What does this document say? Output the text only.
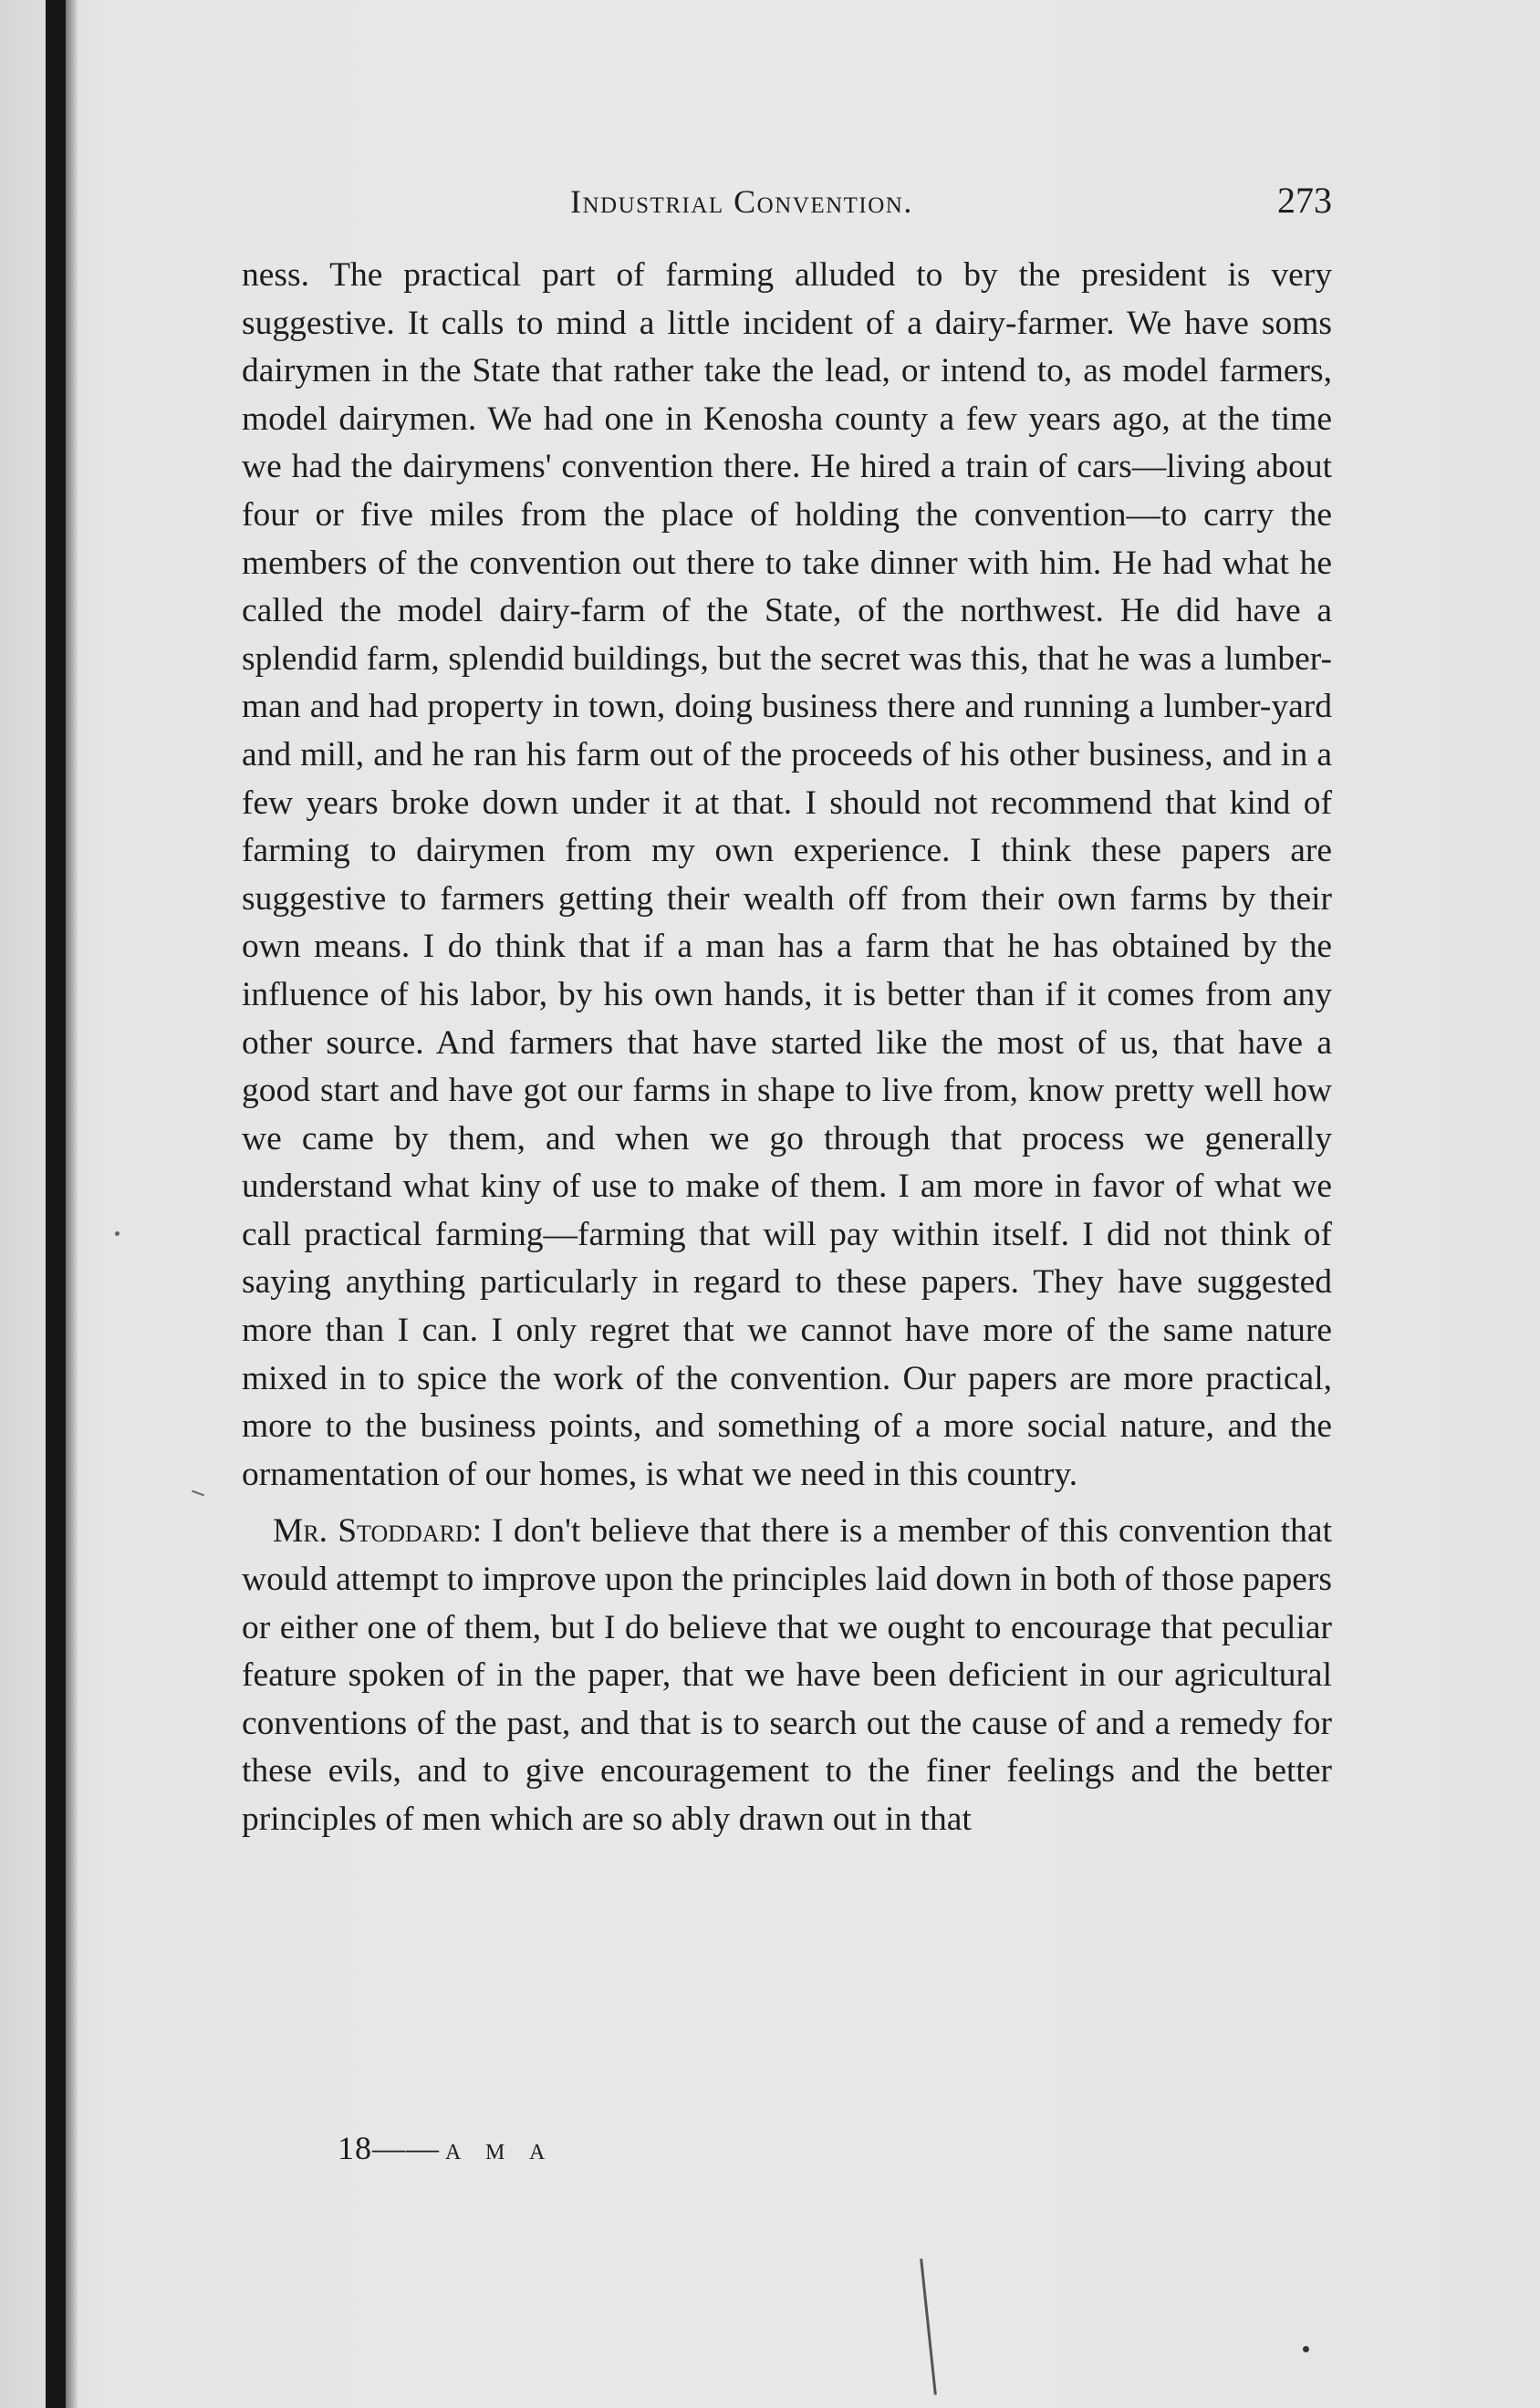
Industrial Convention.	273

ness. The practical part of farming alluded to by the president is very suggestive. It calls to mind a little incident of a dairy-farmer. We have soms dairymen in the State that rather take the lead, or intend to, as model farmers, model dairymen. We had one in Kenosha county a few years ago, at the time we had the dairymens' convention there. He hired a train of cars—living about four or five miles from the place of holding the convention—to carry the members of the convention out there to take dinner with him. He had what he called the model dairy-farm of the State, of the northwest. He did have a splendid farm, splendid buildings, but the secret was this, that he was a lumber-man and had property in town, doing business there and running a lumber-yard and mill, and he ran his farm out of the proceeds of his other business, and in a few years broke down under it at that. I should not recommend that kind of farming to dairymen from my own experience. I think these papers are suggestive to farmers getting their wealth off from their own farms by their own means. I do think that if a man has a farm that he has obtained by the influence of his labor, by his own hands, it is better than if it comes from any other source. And farmers that have started like the most of us, that have a good start and have got our farms in shape to live from, know pretty well how we came by them, and when we go through that process we generally understand what kiny of use to make of them. I am more in favor of what we call practical farming—farming that will pay within itself. I did not think of saying anything particularly in regard to these papers. They have suggested more than I can. I only regret that we cannot have more of the same nature mixed in to spice the work of the convention. Our papers are more practical, more to the business points, and something of a more social nature, and the ornamentation of our homes, is what we need in this country.

Mr. Stoddard: I don't believe that there is a member of this convention that would attempt to improve upon the principles laid down in both of those papers or either one of them, but I do believe that we ought to encourage that peculiar feature spoken of in the paper, that we have been deficient in our agricultural conventions of the past, and that is to search out the cause of and a remedy for these evils, and to give encouragement to the finer feelings and the better principles of men which are so ably drawn out in that

18—— A M A
